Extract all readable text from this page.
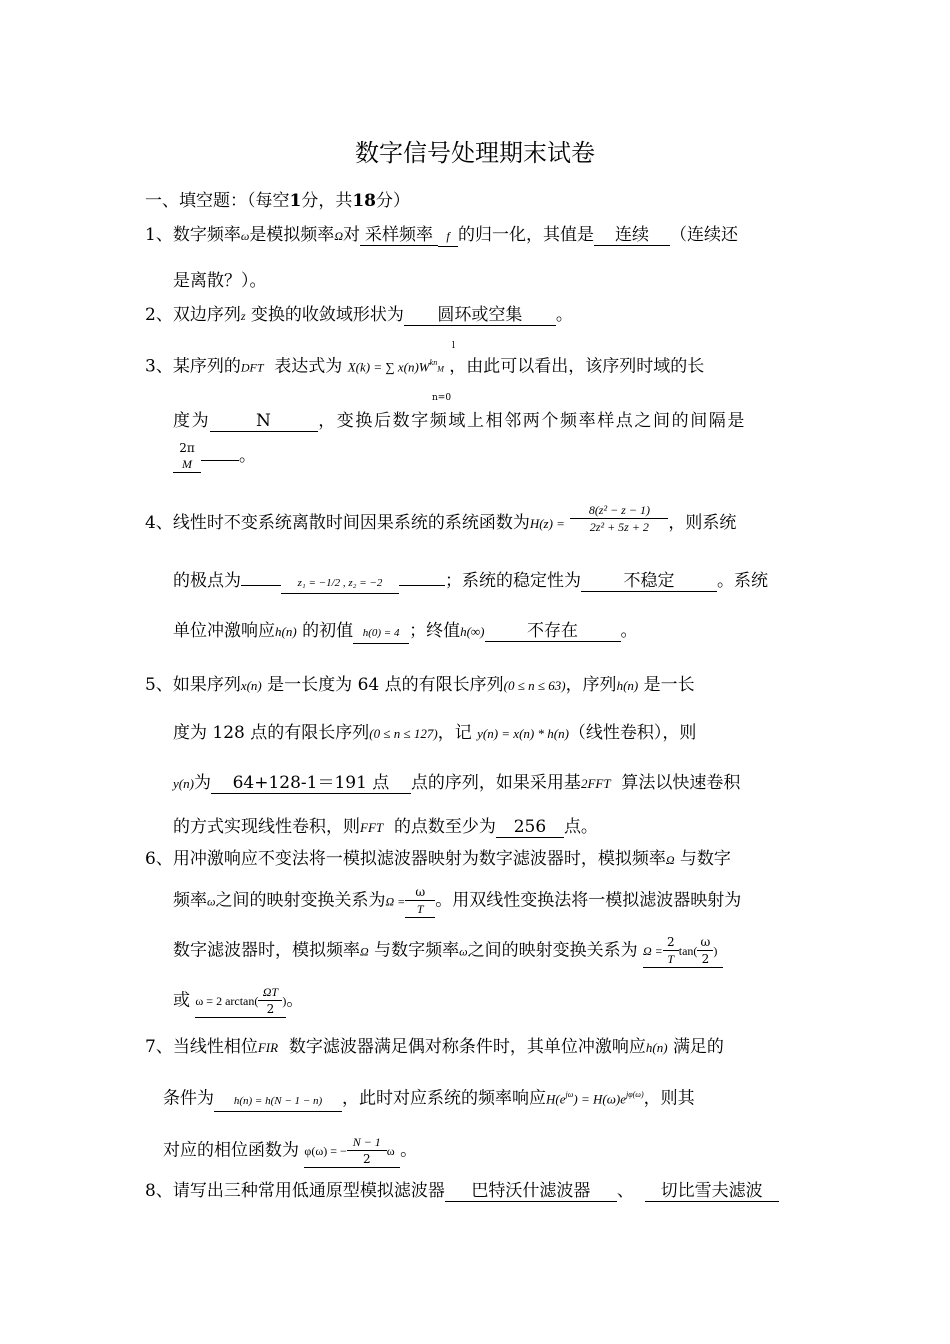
数字信号处理期末试卷
一、填空题：（每空1分，共18分）
1、数字频率ω是模拟频率Ω对 采样频率 f 的归一化，其值是 连续 （连续还
是离散？）。
2、双边序列z 变换的收敛域形状为 圆环或空集 。
3、某序列的DFT 表达式为 X(k) = ∑ $x(n)W^{kn}M$ ，由此可以看出，该序列时域的长
l
n=0
度为	N	，变换后数字频域上相邻两个频率样点之间的间隔是
2π
M	。
4、线性时不变系统离散时间因果系统的系统函数为$H(z) = \frac{\text{8(z² − z − 1)}}{\text{2z² + 5z + 2}}$ ，则系统
的极点为	z₁ = −1/2 , z₂ = −2	；系统的稳定性为	不稳定	。系统
单位冲激响应h(n) 的初值 h(0) = 4 ；终值h(∞)	不存在	。
5、如果序列x(n) 是一长度为 64 点的有限长序列(0 ≤ n ≤ 63)，序列h(n) 是一长
度为 128 点的有限长序列(0 ≤ n ≤ 127)，记 y(n) = x(n) * h(n)（线性卷积），则
y(n)为 64+128-1＝191 点 点的序列，如果采用基2FFT 算法以快速卷积
的方式实现线性卷积，则FFT 的点数至少为 256 点。
6、用冲激响应不变法将一模拟滤波器映射为数字滤波器时，模拟频率Ω 与数字
频率ω之间的映射变换关系为$\Omega = \frac{\omega}{T}$ 。用双线性变换法将一模拟滤波器映射为
数字滤波器时，模拟频率Ω 与数字频率ω之间的映射变换关系为 $\Omega = \frac{2}{T} \tan( \frac{\omega}{2}$ )
或 ω = 2 $\arctan( \frac{\Omega T}{2}$ )。
7、当线性相位FIR 数字滤波器满足偶对称条件时，其单位冲激响应h(n) 满足的
条件为 h(n) = h(N − 1 − n) ，此时对应系统的频率响应$H(e^{j\omega}) = H(\omega)e^{j\varphi(\omega)}$，则其
对应的相位函数为 φ(ω) = − $\frac{N - 1}{2}$ ω 。
8、请写出三种常用低通原型模拟滤波器 巴特沃什滤波器 、 切比雪夫滤波
